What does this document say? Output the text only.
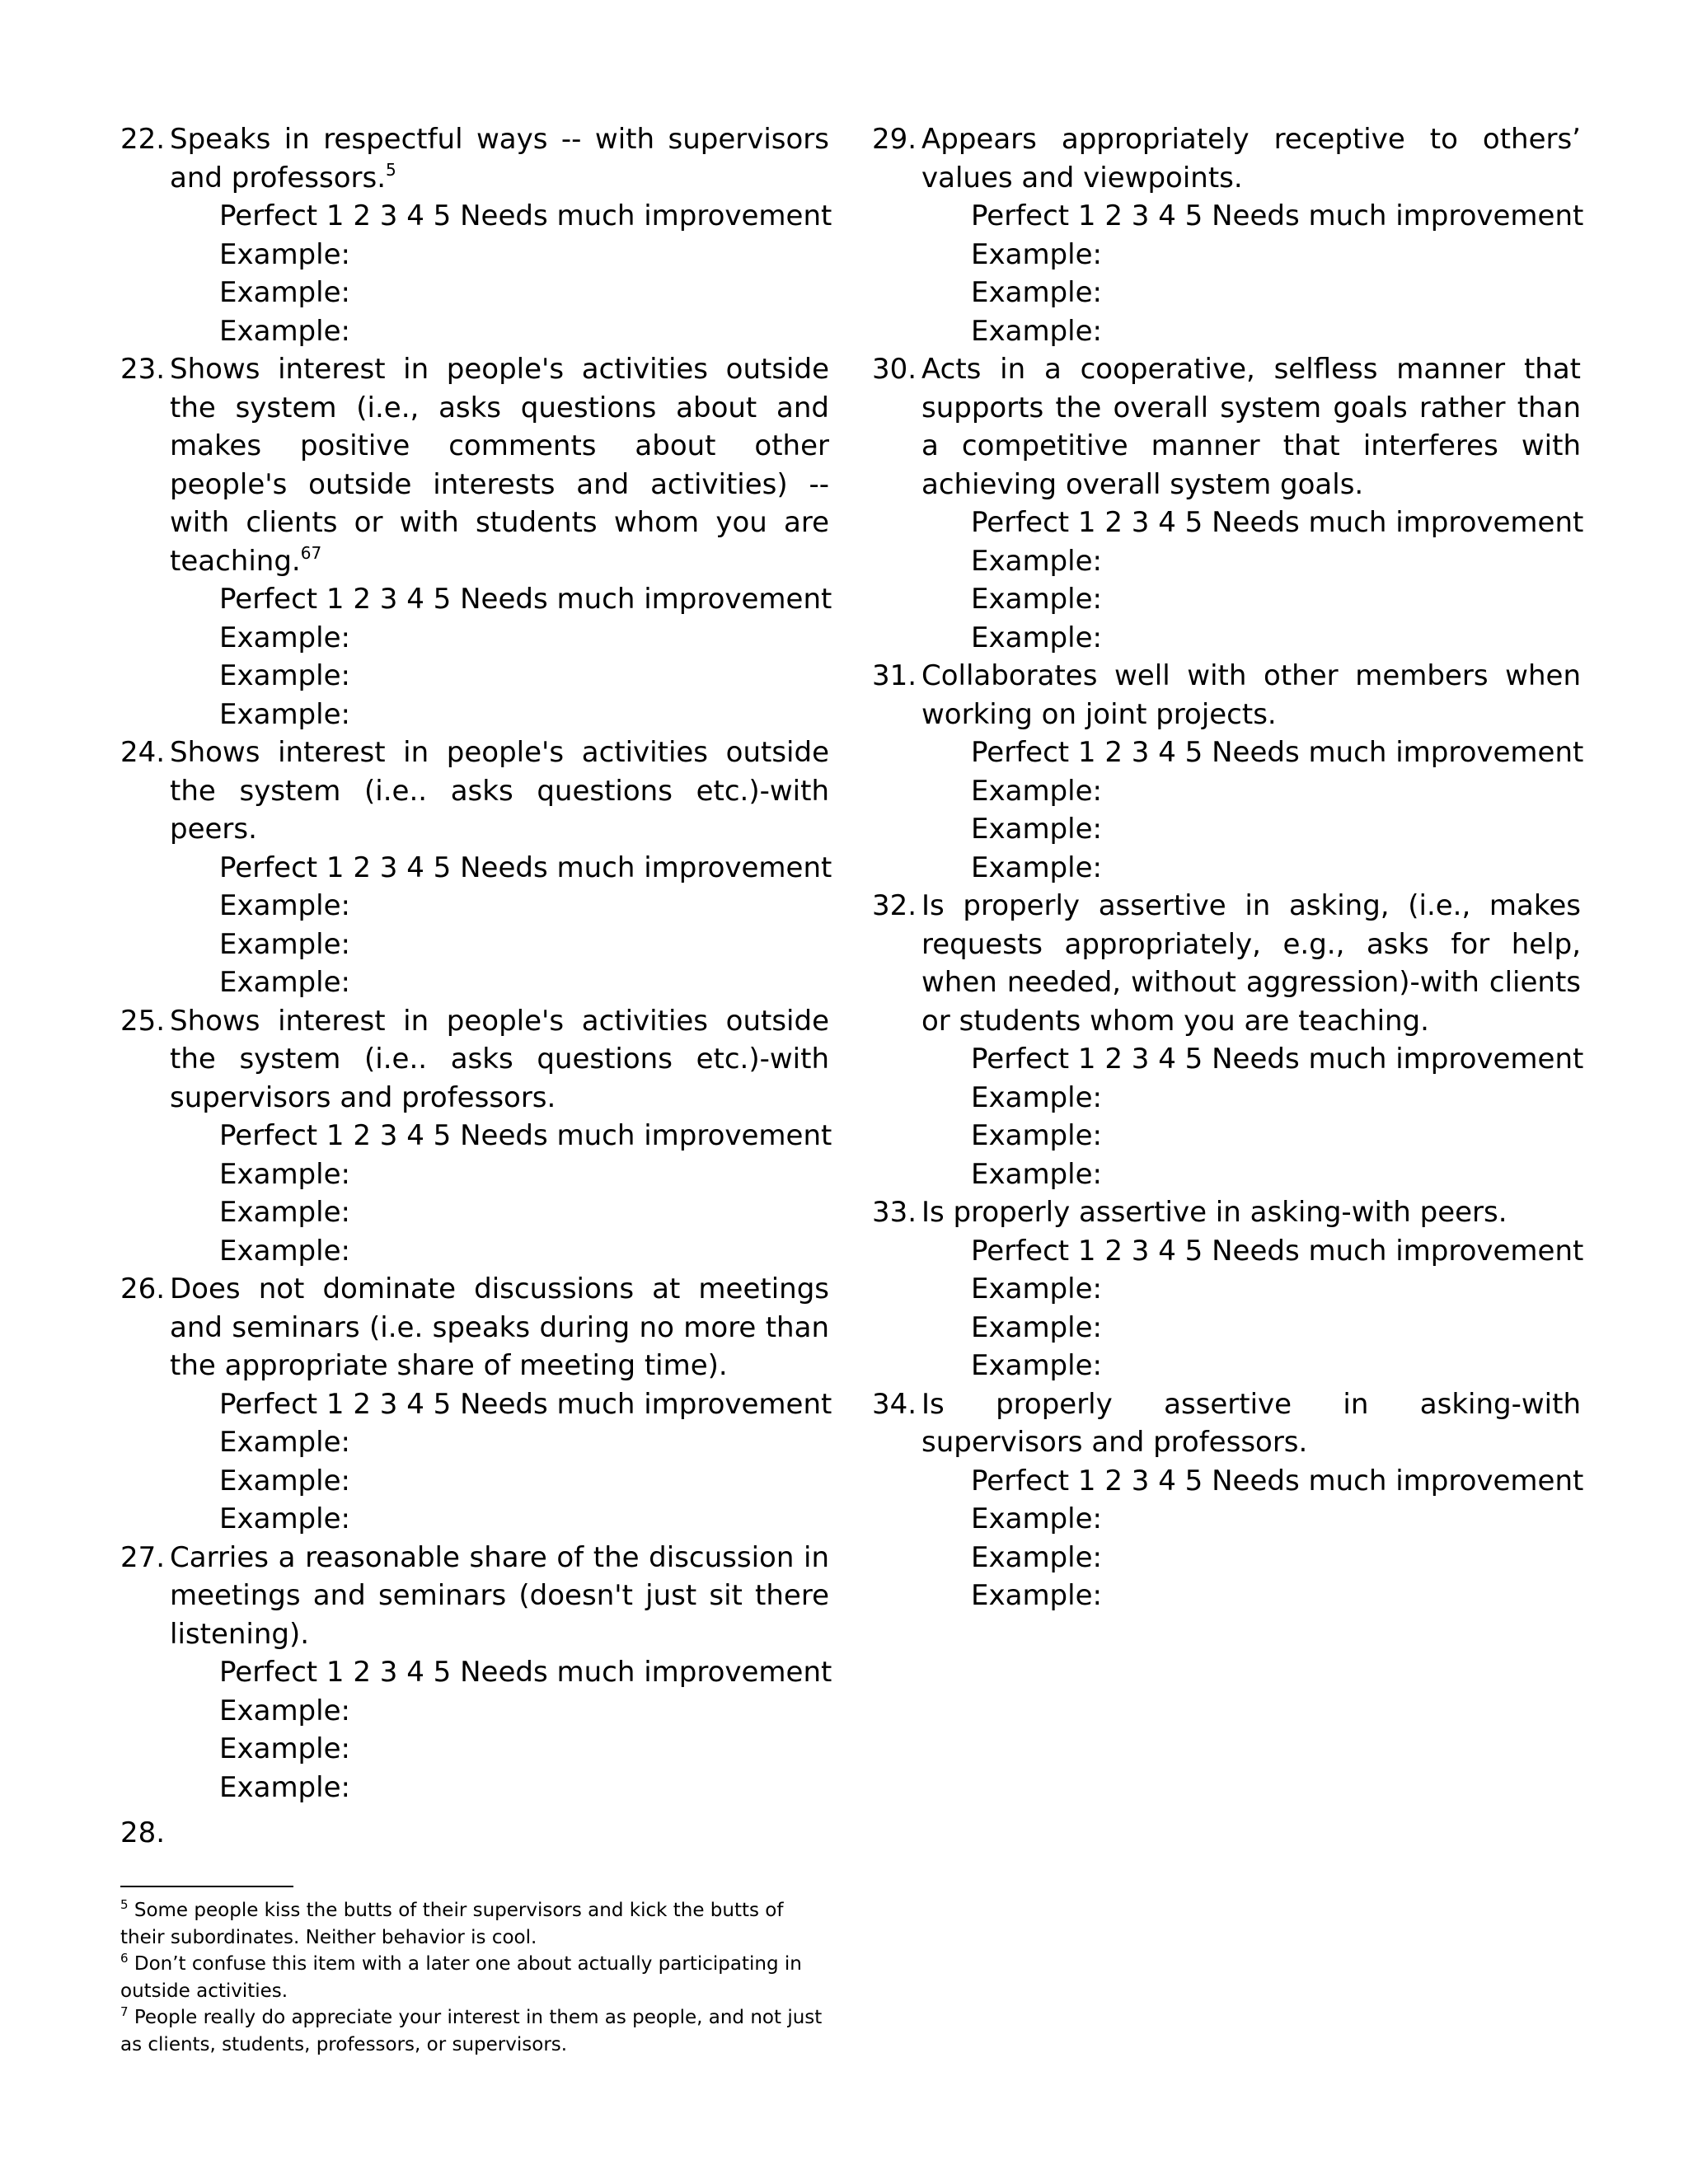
22. Speaks in respectful ways -- with supervisors and professors.$^5$
Perfect 1 2 3 4 5 Needs much improvement
Example:
Example:
Example:
23. Shows interest in people's activities outside the system (i.e., asks questions about and makes positive comments about other people's outside interests and activities) -- with clients or with students whom you are teaching.$^{67}$
Perfect 1 2 3 4 5 Needs much improvement
Example:
Example:
Example:
24. Shows interest in people's activities outside the system (i.e.. asks questions etc.)-with peers.
Perfect 1 2 3 4 5 Needs much improvement
Example:
Example:
Example:
25. Shows interest in people's activities outside the system (i.e.. asks questions etc.)-with supervisors and professors.
Perfect 1 2 3 4 5 Needs much improvement
Example:
Example:
Example:
26. Does not dominate discussions at meetings and seminars (i.e. speaks during no more than the appropriate share of meeting time).
Perfect 1 2 3 4 5 Needs much improvement
Example:
Example:
Example:
27. Carries a reasonable share of the discussion in meetings and seminars (doesn't just sit there listening).
Perfect 1 2 3 4 5 Needs much improvement
Example:
Example:
Example:
28.

29. Appears appropriately receptive to others’ values and viewpoints.
Perfect 1 2 3 4 5 Needs much improvement
Example:
Example:
Example:
30. Acts in a cooperative, selfless manner that supports the overall system goals rather than a competitive manner that interferes with achieving overall system goals.
Perfect 1 2 3 4 5 Needs much improvement
Example:
Example:
Example:
31. Collaborates well with other members when working on joint projects.
Perfect 1 2 3 4 5 Needs much improvement
Example:
Example:
Example:
32. Is properly assertive in asking, (i.e., makes requests appropriately, e.g., asks for help, when needed, without aggression)-with clients or students whom you are teaching.
Perfect 1 2 3 4 5 Needs much improvement
Example:
Example:
Example:
33. Is properly assertive in asking-with peers.
Perfect 1 2 3 4 5 Needs much improvement
Example:
Example:
Example:
34. Is properly assertive in asking-with supervisors and professors.
Perfect 1 2 3 4 5 Needs much improvement
Example:
Example:
Example:
$^5$ Some people kiss the butts of their supervisors and kick the butts of their subordinates. Neither behavior is cool.
$^6$ Don’t confuse this item with a later one about actually participating in outside activities.
$^7$ People really do appreciate your interest in them as people, and not just as clients, students, professors, or supervisors.
